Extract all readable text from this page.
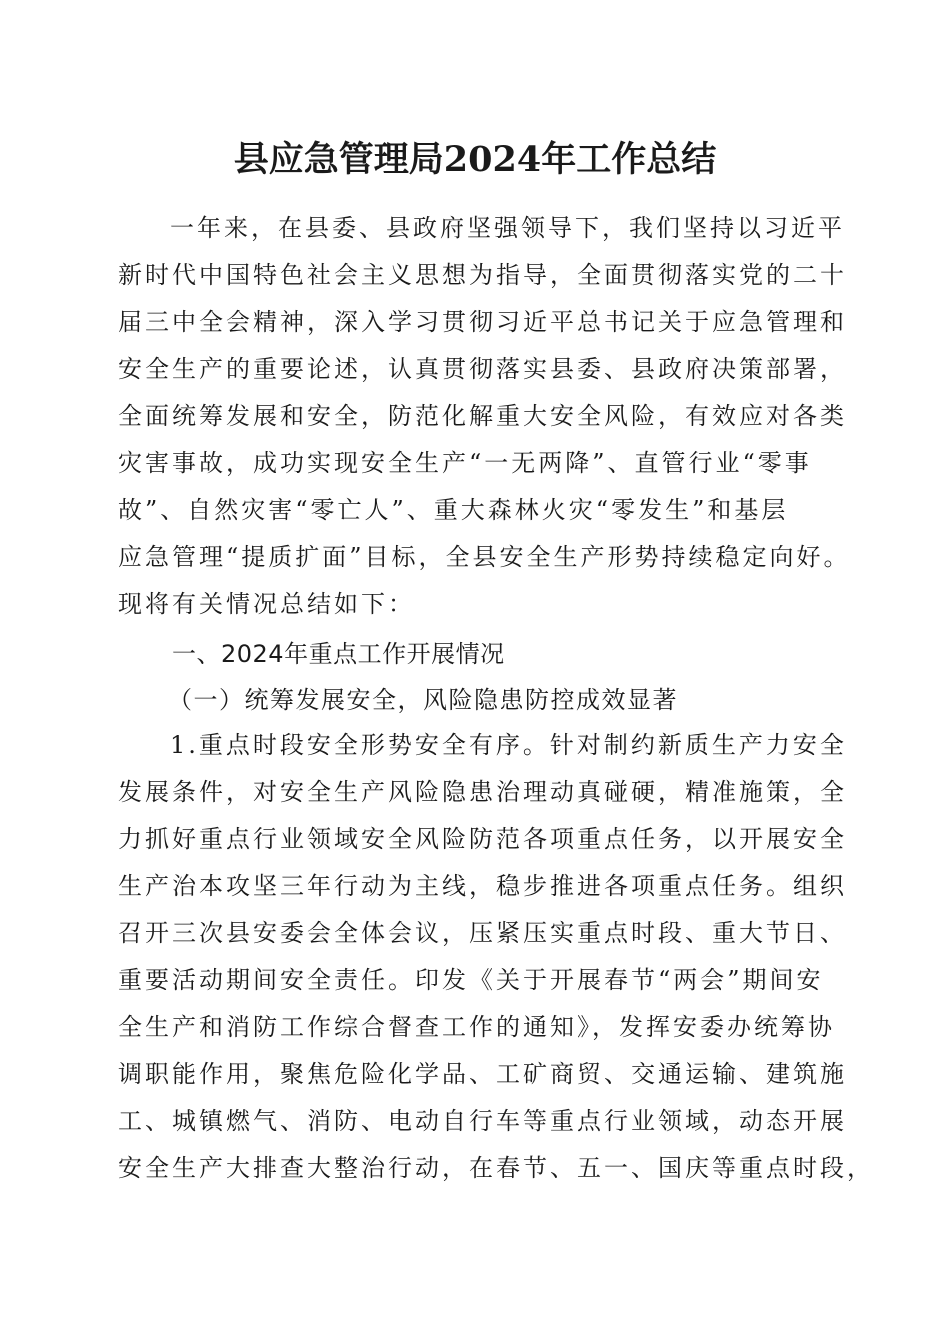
县应急管理局2024年工作总结
一年来，在县委、县政府坚强领导下，我们坚持以习近平
新时代中国特色社会主义思想为指导，全面贯彻落实党的二十
届三中全会精神，深入学习贯彻习近平总书记关于应急管理和
安全生产的重要论述，认真贯彻落实县委、县政府决策部署，
全面统筹发展和安全，防范化解重大安全风险，有效应对各类
灾害事故，成功实现安全生产“一无两降”、直管行业“零事
故”、自然灾害“零亡人”、重大森林火灾“零发生”和基层
应急管理“提质扩面”目标，全县安全生产形势持续稳定向好。
现将有关情况总结如下：
一、2024年重点工作开展情况
（一）统筹发展安全，风险隐患防控成效显著
1.重点时段安全形势安全有序。针对制约新质生产力安全
发展条件，对安全生产风险隐患治理动真碰硬，精准施策，全
力抓好重点行业领域安全风险防范各项重点任务，以开展安全
生产治本攻坚三年行动为主线，稳步推进各项重点任务。组织
召开三次县安委会全体会议，压紧压实重点时段、重大节日、
重要活动期间安全责任。印发《关于开展春节“两会”期间安
全生产和消防工作综合督查工作的通知》，发挥安委办统筹协
调职能作用，聚焦危险化学品、工矿商贸、交通运输、建筑施
工、城镇燃气、消防、电动自行车等重点行业领域，动态开展
安全生产大排查大整治行动，在春节、五一、国庆等重点时段，
